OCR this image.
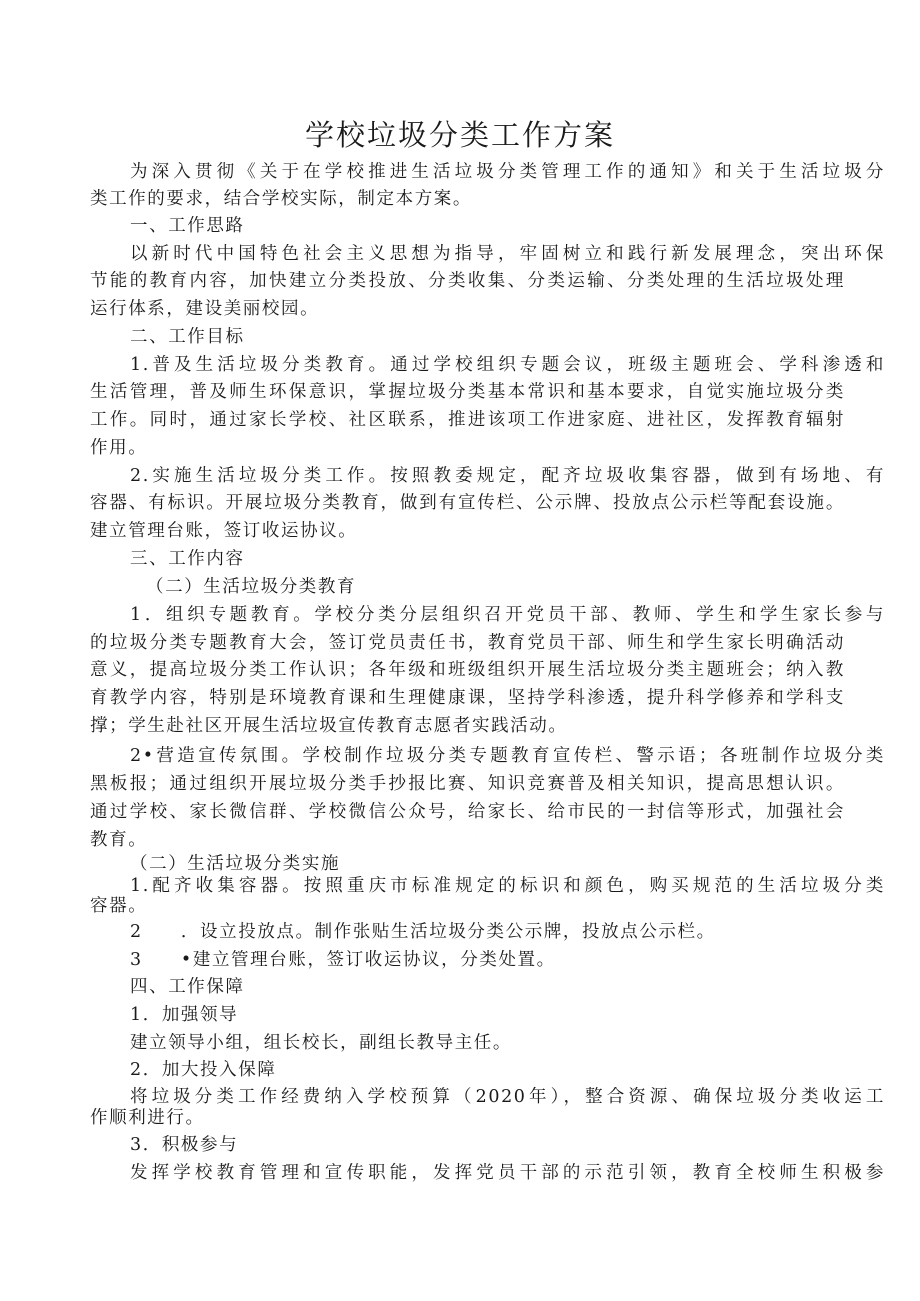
学校垃圾分类工作方案
为深入贯彻《关于在学校推进生活垃圾分类管理工作的通知》和关于生活垃圾分
类工作的要求，结合学校实际，制定本方案。
一、工作思路
以新时代中国特色社会主义思想为指导，牢固树立和践行新发展理念，突出环保
节能的教育内容，加快建立分类投放、分类收集、分类运输、分类处理的生活垃圾处理
运行体系，建设美丽校园。
二、工作目标
1.普及生活垃圾分类教育。通过学校组织专题会议，班级主题班会、学科渗透和
生活管理，普及师生环保意识，掌握垃圾分类基本常识和基本要求，自觉实施垃圾分类
工作。同时，通过家长学校、社区联系，推进该项工作进家庭、进社区，发挥教育辐射
作用。
2.实施生活垃圾分类工作。按照教委规定，配齐垃圾收集容器，做到有场地、有
容器、有标识。开展垃圾分类教育，做到有宣传栏、公示牌、投放点公示栏等配套设施。
建立管理台账，签订收运协议。
三、工作内容
（二）生活垃圾分类教育
1．组织专题教育。学校分类分层组织召开党员干部、教师、学生和学生家长参与
的垃圾分类专题教育大会，签订党员责任书，教育党员干部、师生和学生家长明确活动
意义，提高垃圾分类工作认识；各年级和班级组织开展生活垃圾分类主题班会；纳入教
育教学内容，特别是环境教育课和生理健康课，坚持学科渗透，提升科学修养和学科支
撑；学生赴社区开展生活垃圾宣传教育志愿者实践活动。
2•营造宣传氛围。学校制作垃圾分类专题教育宣传栏、警示语；各班制作垃圾分类
黑板报；通过组织开展垃圾分类手抄报比赛、知识竞赛普及相关知识，提高思想认识。
通过学校、家长微信群、学校微信公众号，给家长、给市民的一封信等形式，加强社会
教育。
（二）生活垃圾分类实施
1.配齐收集容器。按照重庆市标准规定的标识和颜色，购买规范的生活垃圾分类
容器。
2　　．设立投放点。制作张贴生活垃圾分类公示牌，投放点公示栏。
3　　•建立管理台账，签订收运协议，分类处置。
四、工作保障
1．加强领导
建立领导小组，组长校长，副组长教导主任。
2．加大投入保障
将垃圾分类工作经费纳入学校预算（2020年），整合资源、确保垃圾分类收运工
作顺利进行。
3．积极参与
发挥学校教育管理和宣传职能，发挥党员干部的示范引领，教育全校师生积极参
